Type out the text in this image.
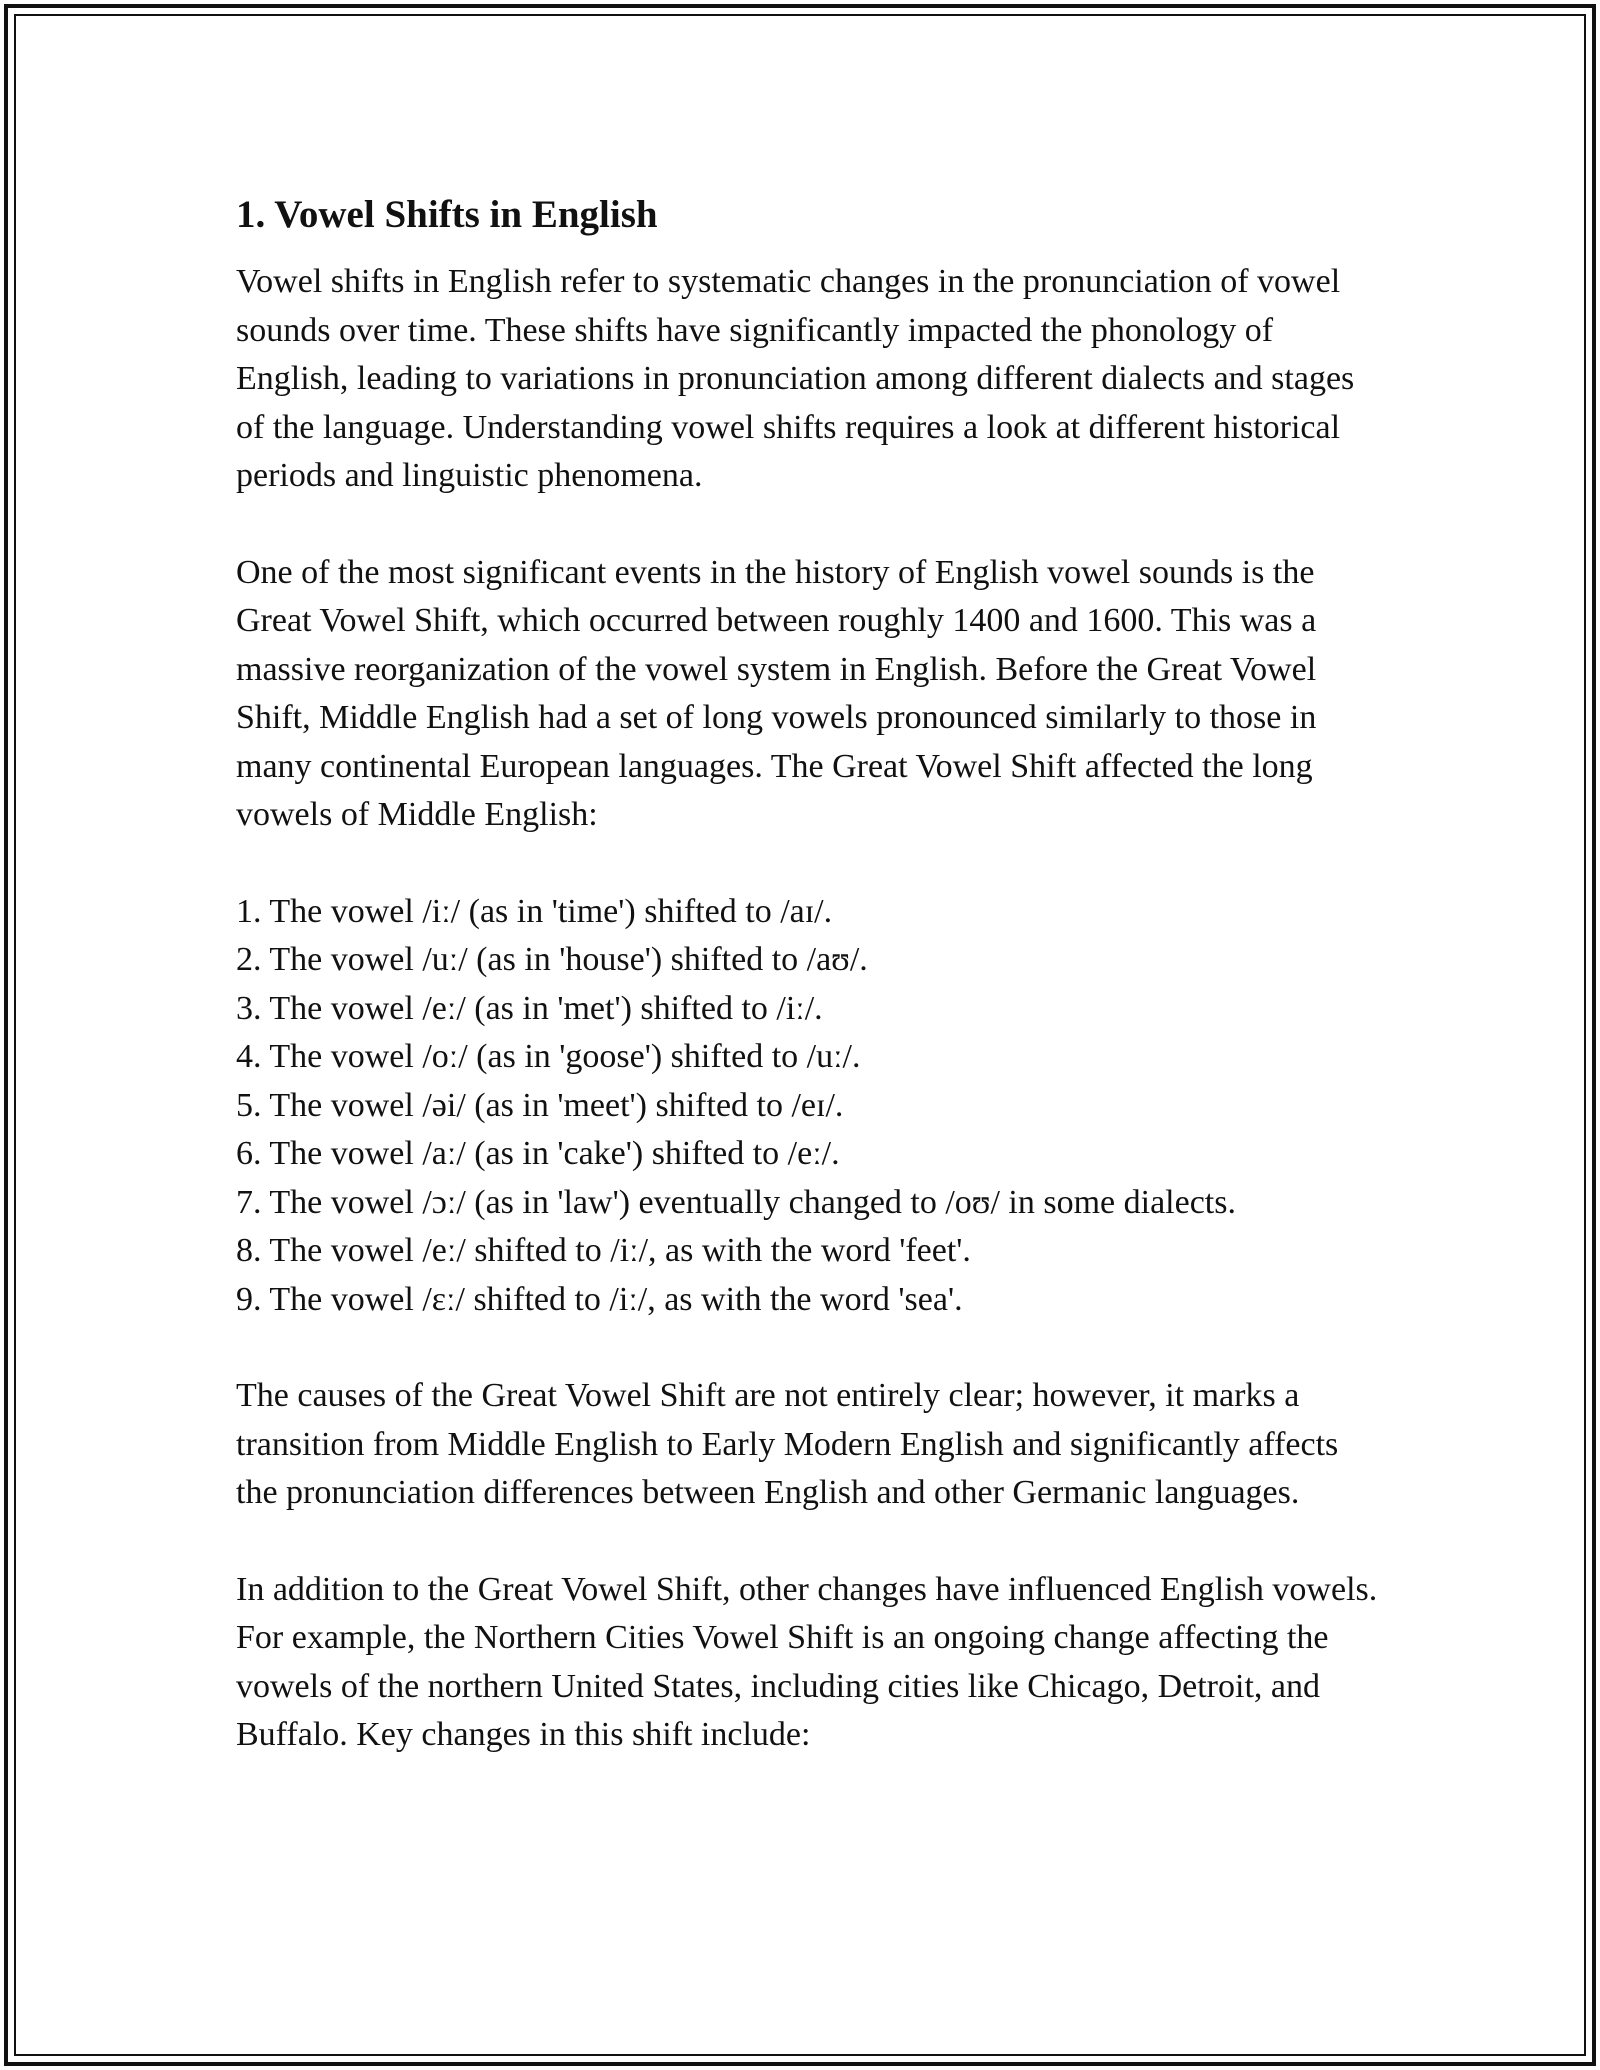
1. Vowel Shifts in English

Vowel shifts in English refer to systematic changes in the pronunciation of vowel sounds over time. These shifts have significantly impacted the phonology of English, leading to variations in pronunciation among different dialects and stages of the language. Understanding vowel shifts requires a look at different historical periods and linguistic phenomena.

One of the most significant events in the history of English vowel sounds is the Great Vowel Shift, which occurred between roughly 1400 and 1600. This was a massive reorganization of the vowel system in English. Before the Great Vowel Shift, Middle English had a set of long vowels pronounced similarly to those in many continental European languages. The Great Vowel Shift affected the long vowels of Middle English:

1. The vowel /iː/ (as in 'time') shifted to /aɪ/.
2. The vowel /uː/ (as in 'house') shifted to /aʊ/.
3. The vowel /eː/ (as in 'met') shifted to /iː/.
4. The vowel /oː/ (as in 'goose') shifted to /uː/.
5. The vowel /əi/ (as in 'meet') shifted to /eɪ/.
6. The vowel /aː/ (as in 'cake') shifted to /eː/.
7. The vowel /ɔː/ (as in 'law') eventually changed to /oʊ/ in some dialects.
8. The vowel /eː/ shifted to /iː/, as with the word 'feet'.
9. The vowel /ɛː/ shifted to /iː/, as with the word 'sea'.

The causes of the Great Vowel Shift are not entirely clear; however, it marks a transition from Middle English to Early Modern English and significantly affects the pronunciation differences between English and other Germanic languages.

In addition to the Great Vowel Shift, other changes have influenced English vowels. For example, the Northern Cities Vowel Shift is an ongoing change affecting the vowels of the northern United States, including cities like Chicago, Detroit, and Buffalo. Key changes in this shift include:
